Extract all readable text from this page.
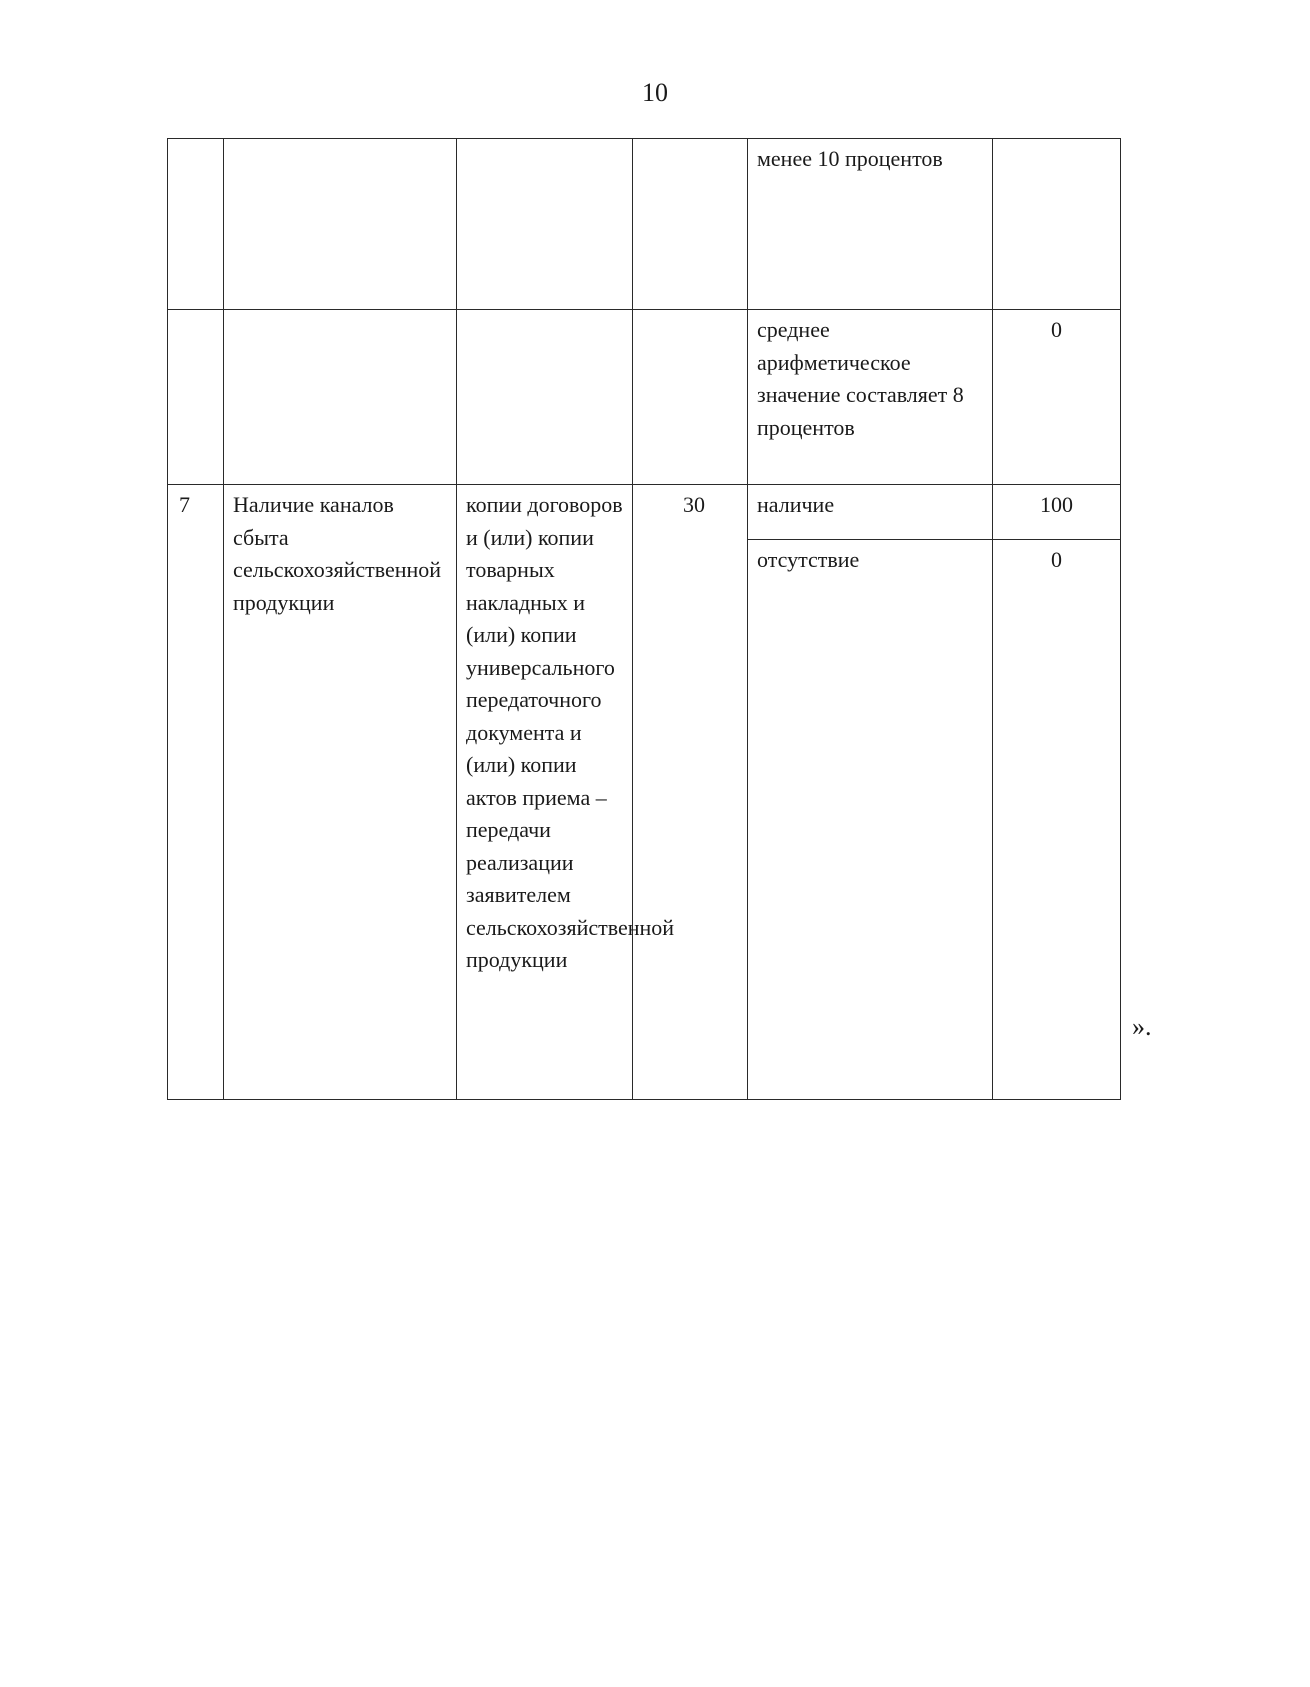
10
				менее 10 процентов	
				среднее арифметическое значение составляет 8 процентов	0
7	Наличие каналов сбыта сельскохозяйственной продукции	копии договоров и (или) копии товарных накладных и (или) копии универсального передаточного документа и (или) копии актов приема –передачи реализации заявителем сельскохозяйственной продукции	30	наличие	100
				отсутствие	0
».
